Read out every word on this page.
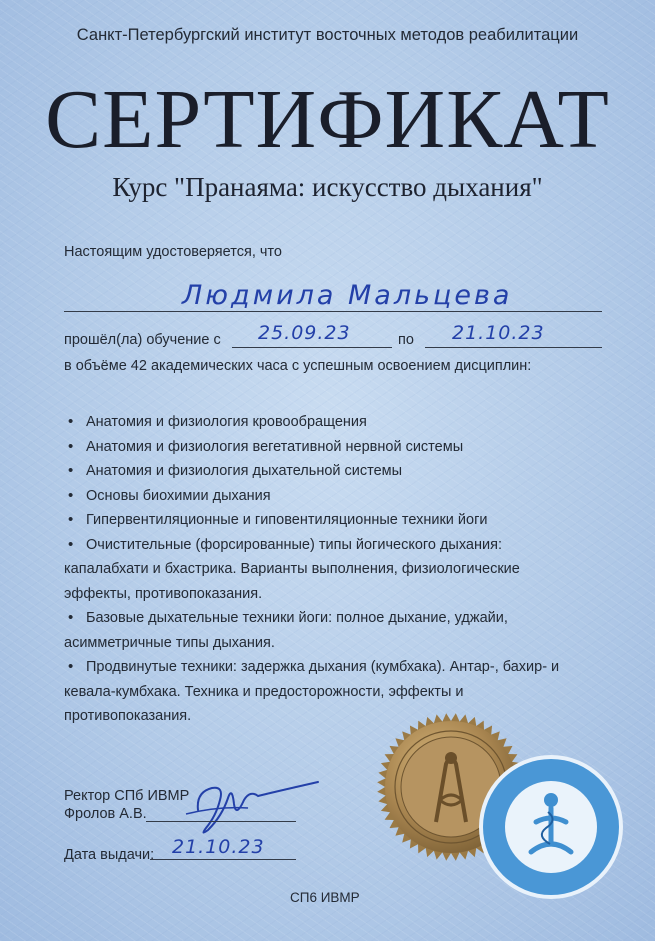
Санкт-Петербургский институт восточных методов реабилитации
СЕРТИФИКАТ
Курс "Пранаяма: искусство дыхания"
Настоящим удостоверяется, что
Людмила Мальцева
прошёл(ла) обучение с 25.09.23	по 21.10.23
в объёме 42 академических часа с успешным освоением дисциплин:
• Анатомия и физиология кровообращения
• Анатомия и физиология вегетативной нервной системы
• Анатомия и физиология дыхательной системы
• Основы биохимии дыхания
• Гипервентиляционные и гиповентиляционные техники йоги
• Очистительные (форсированные) типы йогического дыхания: капалабхати и бхастрика. Варианты выполнения, физиологические эффекты, противопоказания.
• Базовые дыхательные техники йоги: полное дыхание, уджайи, асимметричные типы дыхания.
• Продвинутые техники: задержка дыхания (кумбхака). Антар-, бахир- и кевала-кумбхака. Техника и предосторожности, эффекты и противопоказания.
Ректор СПб ИВМР
Фролов А.В.
Дата выдачи: 21.10.23
СП6 ИВМР
